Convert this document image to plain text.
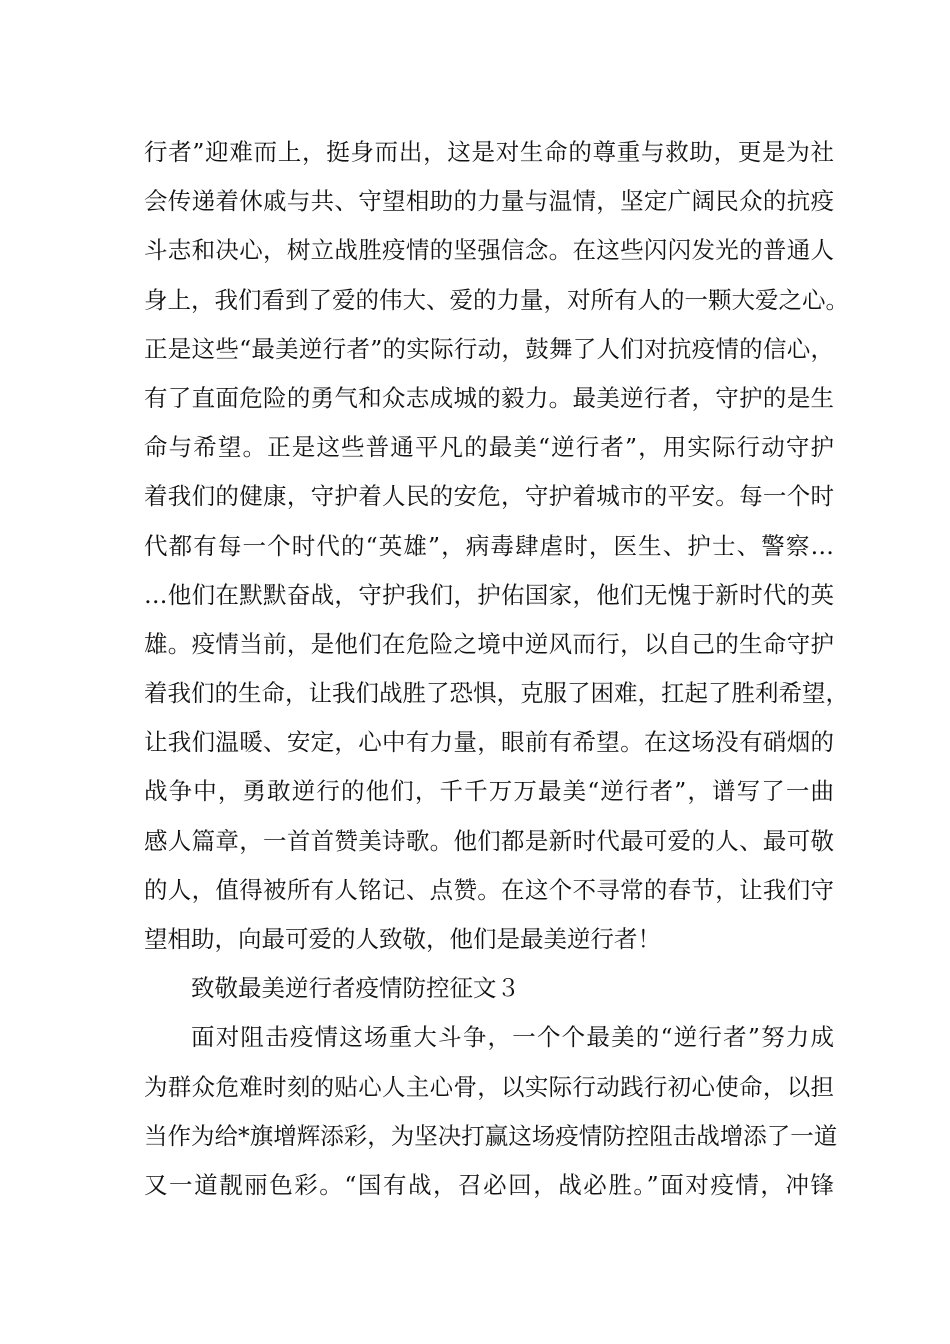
行者”迎难而上，挺身而出，这是对生命的尊重与救助，更是为社
会传递着休戚与共、守望相助的力量与温情，坚定广阔民众的抗疫
斗志和决心，树立战胜疫情的坚强信念。在这些闪闪发光的普通人
身上，我们看到了爱的伟大、爱的力量，对所有人的一颗大爱之心。
正是这些“最美逆行者”的实际行动，鼓舞了人们对抗疫情的信心，
有了直面危险的勇气和众志成城的毅力。最美逆行者，守护的是生
命与希望。正是这些普通平凡的最美“逆行者”，用实际行动守护
着我们的健康，守护着人民的安危，守护着城市的平安。每一个时
代都有每一个时代的“英雄”，病毒肆虐时，医生、护士、警察…
…他们在默默奋战，守护我们，护佑国家，他们无愧于新时代的英
雄。疫情当前，是他们在危险之境中逆风而行，以自己的生命守护
着我们的生命，让我们战胜了恐惧，克服了困难，扛起了胜利希望，
让我们温暖、安定，心中有力量，眼前有希望。在这场没有硝烟的
战争中，勇敢逆行的他们，千千万万最美“逆行者”，谱写了一曲
感人篇章，一首首赞美诗歌。他们都是新时代最可爱的人、最可敬
的人，值得被所有人铭记、点赞。在这个不寻常的春节，让我们守
望相助，向最可爱的人致敬，他们是最美逆行者！
致敬最美逆行者疫情防控征文３
面对阻击疫情这场重大斗争，一个个最美的“逆行者”努力成
为群众危难时刻的贴心人主心骨，以实际行动践行初心使命，以担
当作为给*旗增辉添彩，为坚决打赢这场疫情防控阻击战增添了一道
又一道靓丽色彩。“国有战，召必回，战必胜。”面对疫情，冲锋
